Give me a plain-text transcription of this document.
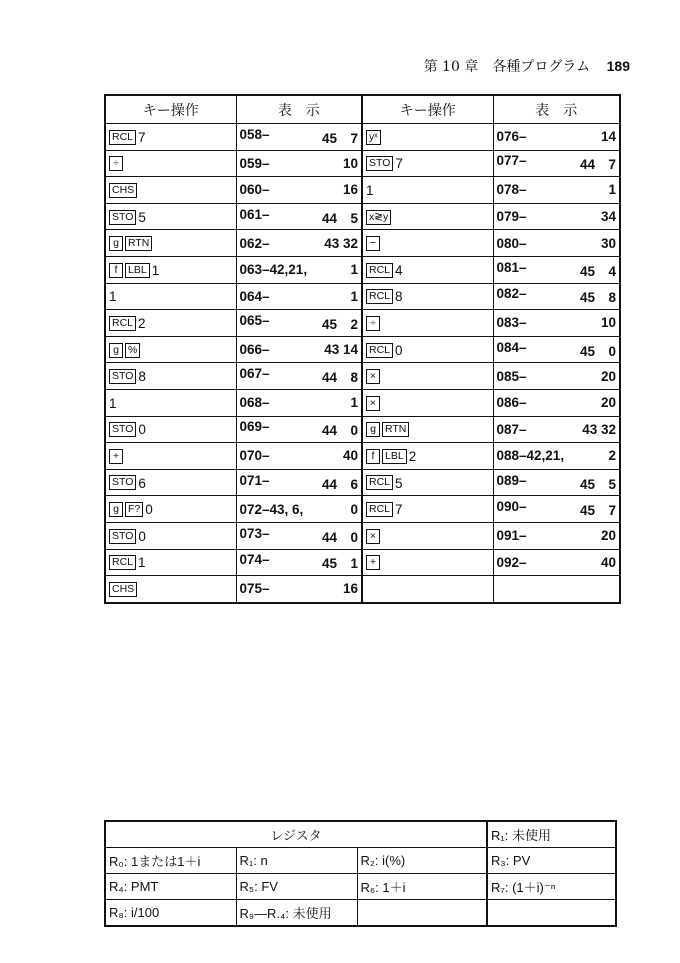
第 10 章　各種プログラム 189
キー操作	表　示	キー操作	表　示
RCL 7	058– 45　7	yˣ	076– 14

÷	059– 10	STO 7	077– 44　7

CHS	060– 16	1	078– 1

STO 5	061– 44　5	x≷y	079– 34

g RTN	062– 43 32	−	080– 30

f LBL 1	063–42,21, 1	RCL 4	081– 45　4

1	064– 1	RCL 8	082– 45　8

RCL 2	065– 45　2	÷	083– 10

g %	066– 43 14	RCL 0	084– 45　0

STO 8	067– 44　8	×	085– 20

1	068– 1	×	086– 20

STO 0	069– 44　0	g RTN	087– 43 32

+	070– 40	f LBL 2	088–42,21, 2

STO 6	071– 44　6	RCL 5	089– 45　5

g F? 0	072–43, 6, 0	RCL 7	090– 45　7

STO 0	073– 44　0	×	091– 20

RCL 1	074– 45　1	+	092– 40

CHS	075– 16		

レジスタ			R₁: 未使用
R₀: 1または1＋i	R₁: n	R₂: i(%)	R₃: PV
R₄: PMT	R₅: FV	R₆: 1＋i	R₇: (1＋i)⁻ⁿ
R₈: i/100	R₉—R.₄: 未使用		
